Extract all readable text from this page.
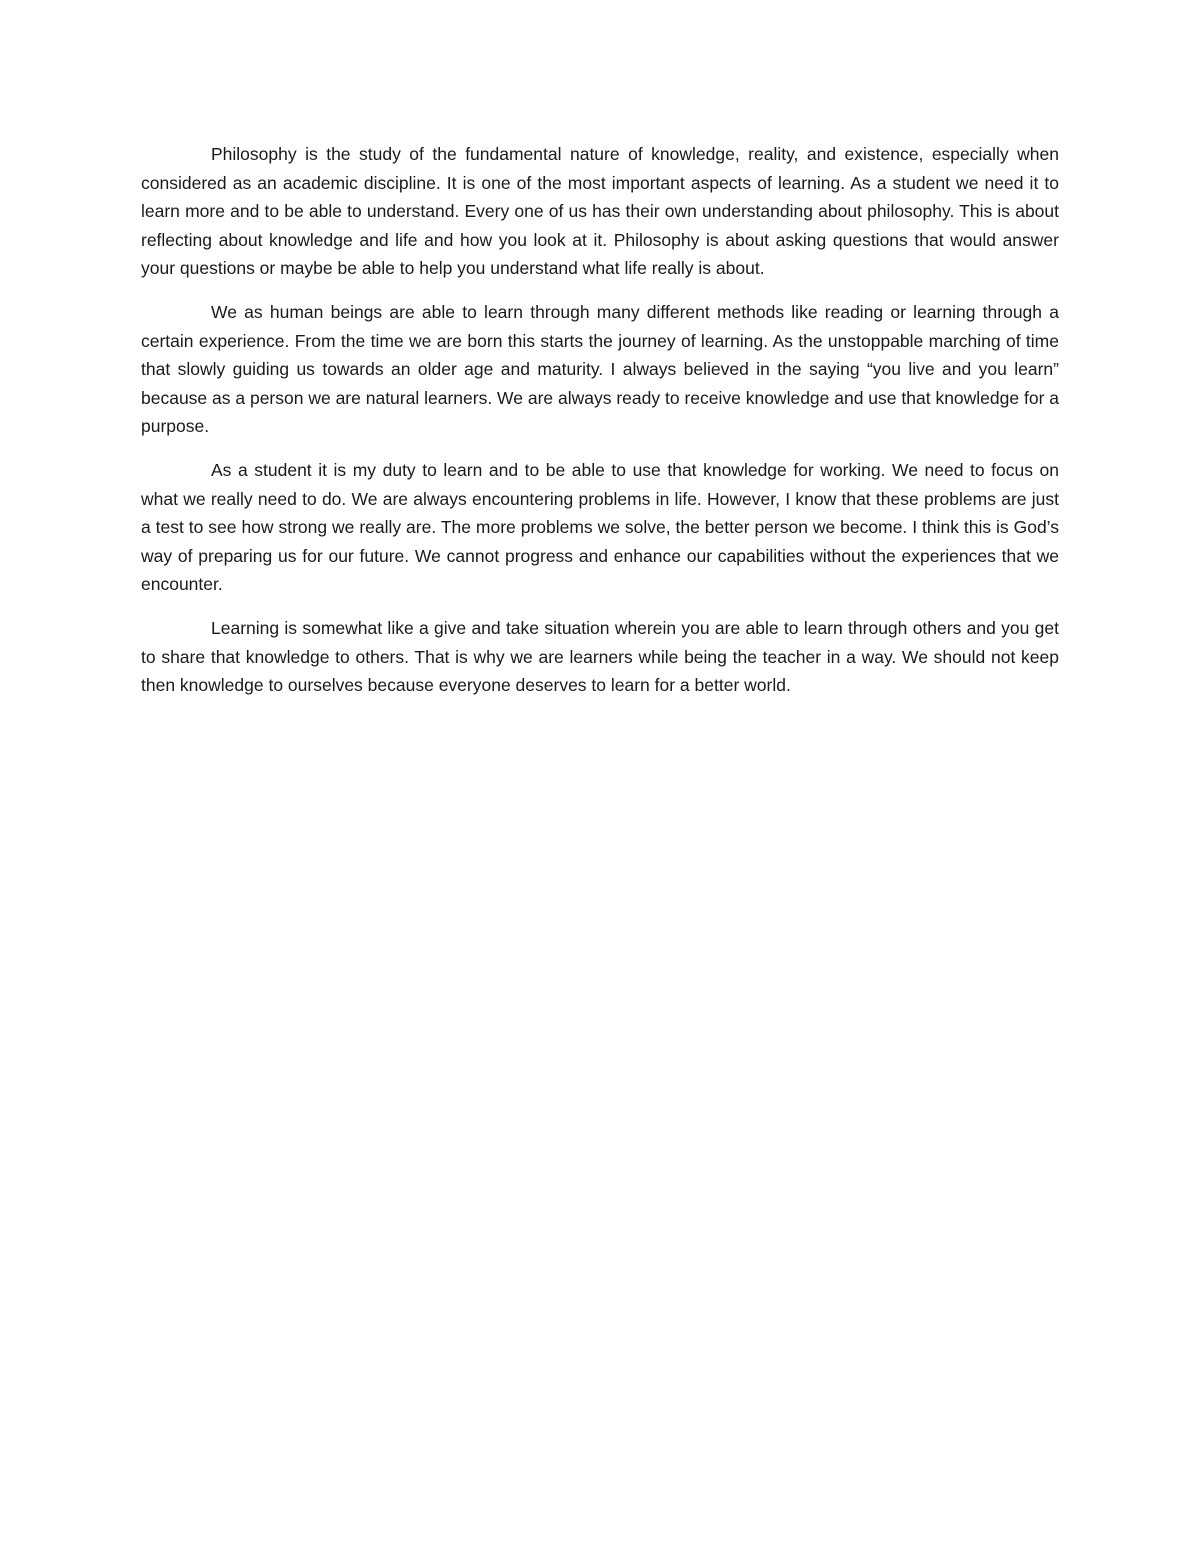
Philosophy is the study of the fundamental nature of knowledge, reality, and existence, especially when considered as an academic discipline. It is one of the most important aspects of learning. As a student we need it to learn more and to be able to understand. Every one of us has their own understanding about philosophy. This is about reflecting about knowledge and life and how you look at it. Philosophy is about asking questions that would answer your questions or maybe be able to help you understand what life really is about.

We as human beings are able to learn through many different methods like reading or learning through a certain experience. From the time we are born this starts the journey of learning. As the unstoppable marching of time that slowly guiding us towards an older age and maturity. I always believed in the saying “you live and you learn” because as a person we are natural learners. We are always ready to receive knowledge and use that knowledge for a purpose.

As a student it is my duty to learn and to be able to use that knowledge for working. We need to focus on what we really need to do. We are always encountering problems in life. However, I know that these problems are just a test to see how strong we really are. The more problems we solve, the better person we become. I think this is God’s way of preparing us for our future. We cannot progress and enhance our capabilities without the experiences that we encounter.

Learning is somewhat like a give and take situation wherein you are able to learn through others and you get to share that knowledge to others. That is why we are learners while being the teacher in a way. We should not keep then knowledge to ourselves because everyone deserves to learn for a better world.
